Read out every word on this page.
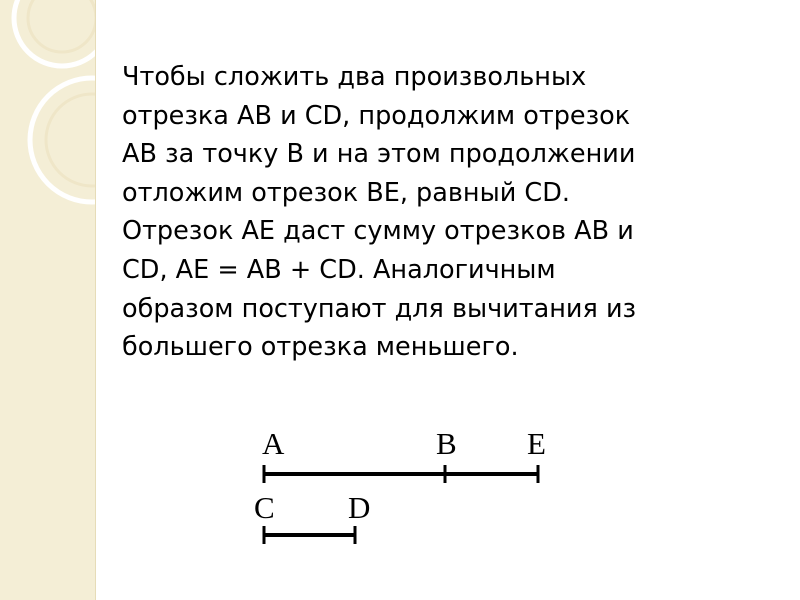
Чтобы сложить два произвольных
отрезка АВ и CD, продолжим отрезок
АВ за точку В и на этом продолжении
отложим отрезок ВЕ, равный CD.
Отрезок АЕ даст сумму отрезков АВ и
CD, АЕ = АВ + CD. Аналогичным
образом поступают для вычитания из
большего отрезка меньшего.

A	B E
C D
